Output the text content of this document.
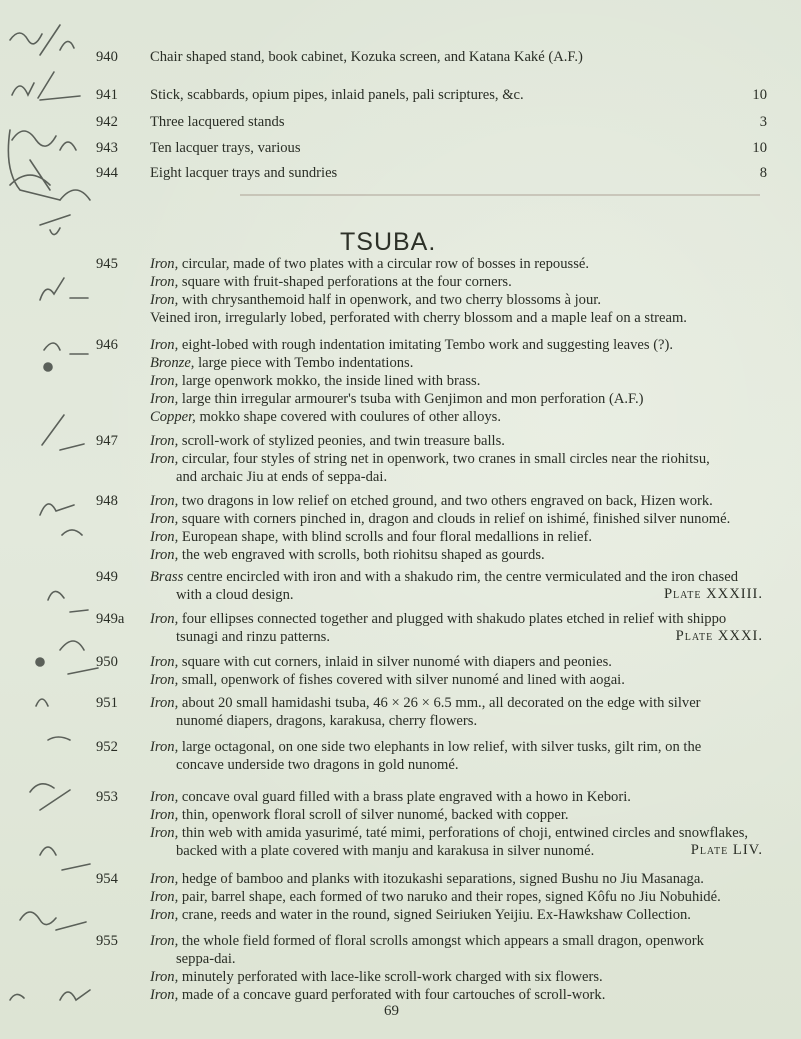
940 Chair shaped stand, book cabinet, Kozuka screen, and Katana Kaké (A.F.)
941 Stick, scabbards, opium pipes, inlaid panels, pali scriptures, &c.	10
942 Three lacquered stands	3
943 Ten lacquer trays, various	10
944 Eight lacquer trays and sundries	8
TSUBA.
945 Iron, circular, made of two plates with a circular row of bosses in repoussé.
Iron, square with fruit-shaped perforations at the four corners.
Iron, with chrysanthemoid half in openwork, and two cherry blossoms à jour.
Veined iron, irregularly lobed, perforated with cherry blossom and a maple leaf on a stream.
946 Iron, eight-lobed with rough indentation imitating Tembo work and suggesting leaves (?).
Bronze, large piece with Tembo indentations.
Iron, large openwork mokko, the inside lined with brass.
Iron, large thin irregular armourer's tsuba with Genjimon and mon perforation (A.F.)
Copper, mokko shape covered with coulures of other alloys.
947 Iron, scroll-work of stylized peonies, and twin treasure balls.
Iron, circular, four styles of string net in openwork, two cranes in small circles near the riohitsu,
and archaic Jiu at ends of seppa-dai.
948 Iron, two dragons in low relief on etched ground, and two others engraved on back, Hizen work.
Iron, square with corners pinched in, dragon and clouds in relief on ishimé, finished silver nunomé.
Iron, European shape, with blind scrolls and four floral medallions in relief.
Iron, the web engraved with scrolls, both riohitsu shaped as gourds.
949 Brass centre encircled with iron and with a shakudo rim, the centre vermiculated and the iron chased
with a cloud design.	Plate XXXIII.
949a Iron, four ellipses connected together and plugged with shakudo plates etched in relief with shippo
tsunagi and rinzu patterns.	Plate XXXI.
950 Iron, square with cut corners, inlaid in silver nunomé with diapers and peonies.
Iron, small, openwork of fishes covered with silver nunomé and lined with aogai.
951 Iron, about 20 small hamidashi tsuba, 46 × 26 × 6.5 mm., all decorated on the edge with silver
nunomé diapers, dragons, karakusa, cherry flowers.
952 Iron, large octagonal, on one side two elephants in low relief, with silver tusks, gilt rim, on the
concave underside two dragons in gold nunomé.
953 Iron, concave oval guard filled with a brass plate engraved with a howo in Kebori.
Iron, thin, openwork floral scroll of silver nunomé, backed with copper.
Iron, thin web with amida yasurimé, taté mimi, perforations of choji, entwined circles and snowflakes,
backed with a plate covered with manju and karakusa in silver nunomé.	Plate LIV.
954 Iron, hedge of bamboo and planks with itozukashi separations, signed Bushu no Jiu Masanaga.
Iron, pair, barrel shape, each formed of two naruko and their ropes, signed Kôfu no Jiu Nobuhidé.
Iron, crane, reeds and water in the round, signed Seiriuken Yeijiu. Ex-Hawkshaw Collection.
955 Iron, the whole field formed of floral scrolls amongst which appears a small dragon, openwork
seppa-dai.
Iron, minutely perforated with lace-like scroll-work charged with six flowers.
Iron, made of a concave guard perforated with four cartouches of scroll-work.
69
